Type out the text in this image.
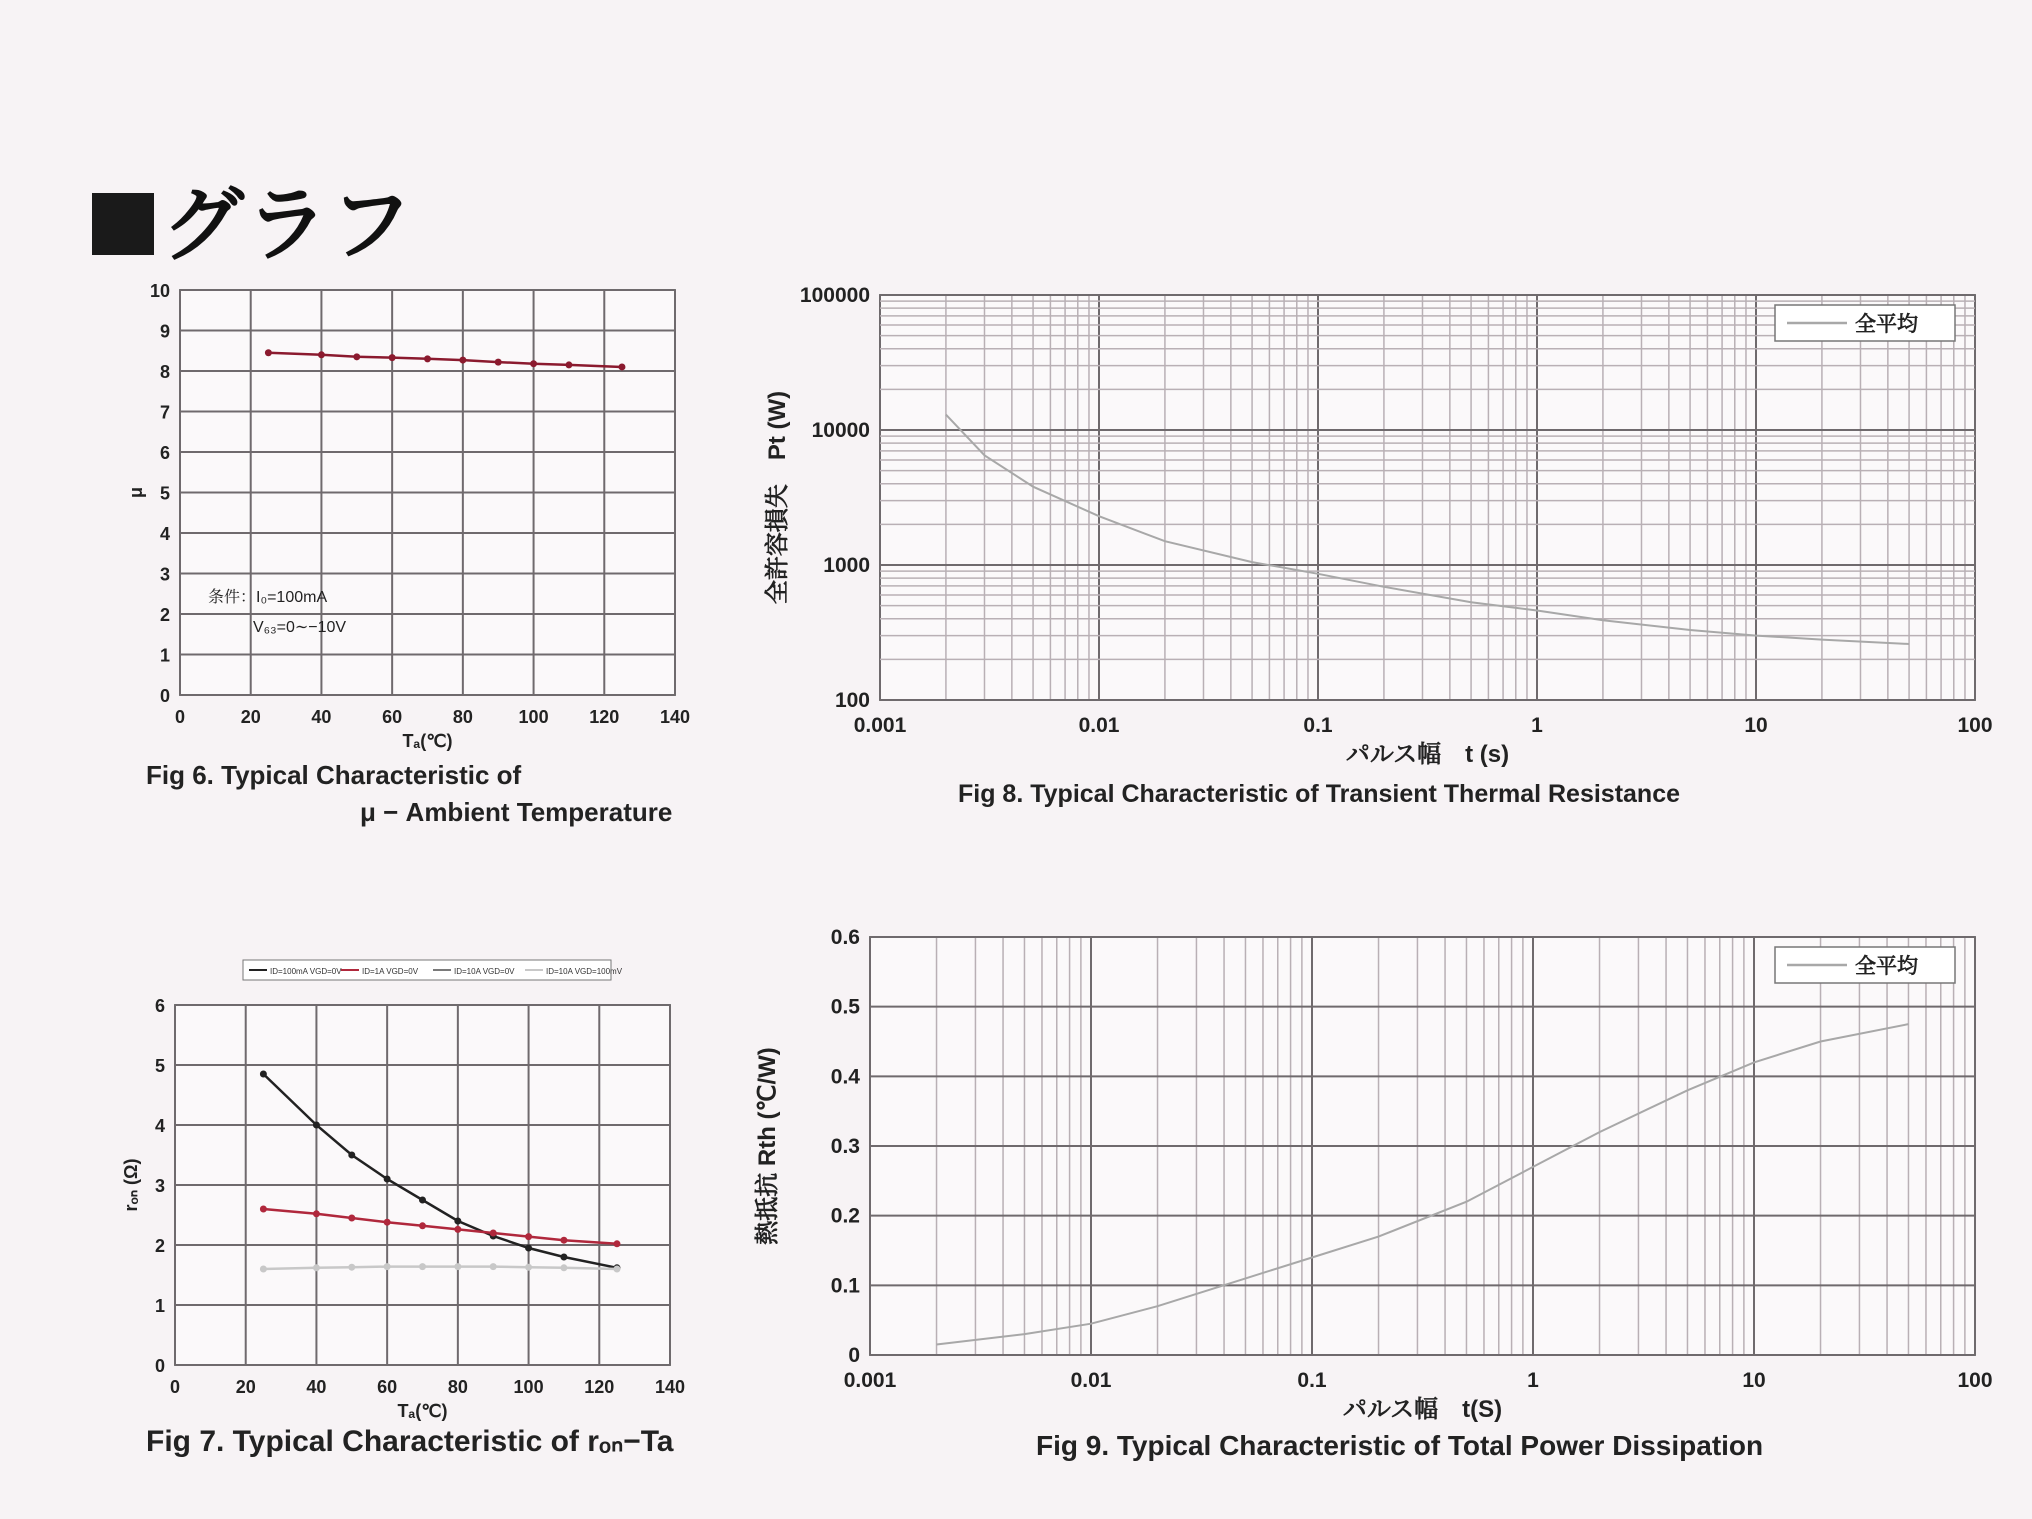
グラフ
0	20	40	60	80	100 120 140
0
1
2
3
4
5
6
7
8
9
10
Tₐ(℃)
μ
条件：I₀=100mA
V₆₃=0∼−10V
Fig 6. Typical Characteristic of
μ − Ambient Temperature
0	20	40	60	80	100 120 140
0
1
2
3
4
5
6
Tₐ(℃)
rₒₙ (Ω)
ID=100mA VGD=0V	ID=1A VGD=0V	ID=10A VGD=0V	ID=10A VGD=100mV
Fig 7. Typical Characteristic of rₒₙ−Ta
0.001	0.01	0.1	1	10	100
100
1000
10000
100000
パルス幅　t (s)
全許容損失　Pt (W)
全平均
Fig 8. Typical Characteristic of Transient Thermal Resistance
0.001	0.01	0.1	1	10	100
0
0.1
0.2
0.3
0.4
0.5
0.6
パルス幅　t(S)
熱抵抗 Rth (℃/W)
全平均
Fig 9. Typical Characteristic of Total Power Dissipation
